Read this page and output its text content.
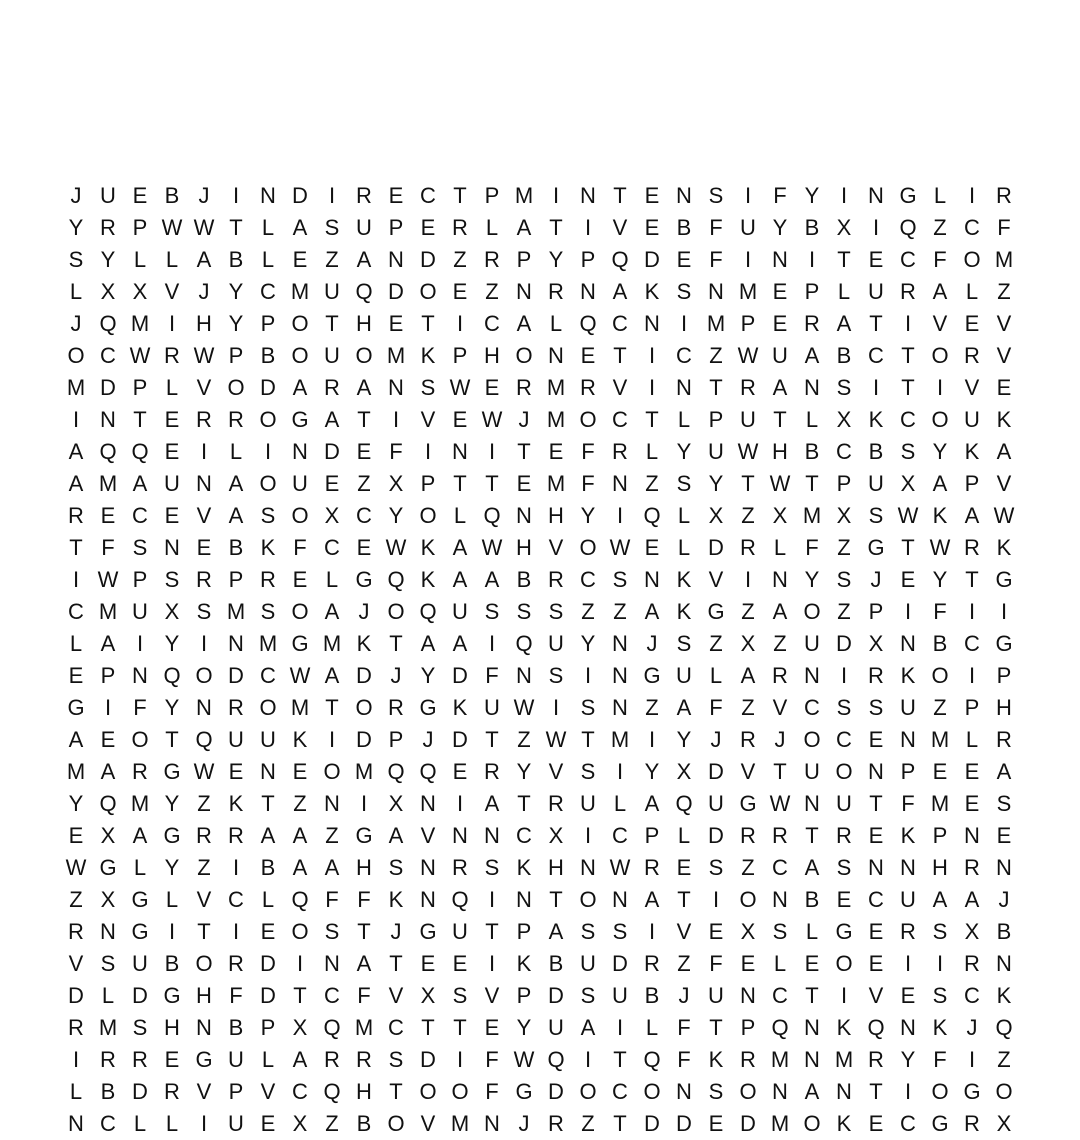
J U E B J	I N D I R E C T P M I N T E N S I	F Y I N G L	I R
Y R P W W T L A S U P E R L A T	I V E B F U Y B X I Q Z C F
S Y L L A B L E Z A N D Z R P Y P Q D E F	I N I	T E C F O M
L X X V J Y C M U Q D O E Z N R N A K S N M E P L U R A L Z
J Q M I H Y P O T H E T	I C A L Q C N I M P E R A T	I V E V
O C W R W P B O U O M K P H O N E T	I C Z W U A B C T O R V
M D P L V O D A R A N S W E R M R V I N T R A N S I	T	I V E
I N T E R R O G A T	I V E W J M O C T L P U T L X K C O U K
A Q Q E I	L	I N D E F	I N I	T E F R L Y U W H B C B S Y K A
A M A U N A O U E Z X P T T E M F N Z S Y T W T P U X A P V
R E C E V A S O X C Y O L Q N H Y I Q L X Z X M X S W K A W
T F S N E B K F C E W K A W H V O W E L D R L F Z G T W R K
I W P S R P R E L G Q K A A B R C S N K V I N Y S J E Y T G
C M U X S M S O A J O Q U S S S Z Z A K G Z A O Z P I	F	I	I
L A I Y I N M G M K T A A I Q U Y N J S Z X Z U D X N B C G
E P N Q O D C W A D J Y D F N S I N G U L A R N I R K O I P
G I	F Y N R O M T O R G K U W I S N Z A F Z V C S S U Z P H
A E O T Q U U K I D P J D T Z W T M I Y J R J O C E N M L R
M A R G W E N E O M Q Q E R Y V S I Y X D V T U O N P E E A
Y Q M Y Z K T Z N I X N I A T R U L A Q U G W N U T F M E S
E X A G R R A A Z G A V N N C X I C P L D R R T R E K P N E
W G L Y Z	I B A A H S N R S K H N W R E S Z C A S N N H R N
Z X G L V C L Q F F K N Q I N T O N A T	I O N B E C U A A J
R N G I	T	I E O S T J G U T P A S S I V E X S L G E R S X B
V S U B O R D I N A T E E I K B U D R Z F E L E O E I	I R N
D L D G H F D T C F V X S V P D S U B J U N C T	I V E S C K
R M S H N B P X Q M C T T E Y U A I	L F T P Q N K Q N K J Q
I R R E G U L A R R S D I	F W Q I	T Q F K R M N M R Y F	I	Z
L B D R V P V C Q H T O O F G D O C O N S O N A N T	I O G O
N C L L	I U E X Z B O V M N J R Z T D D E D M O K E C G R X
